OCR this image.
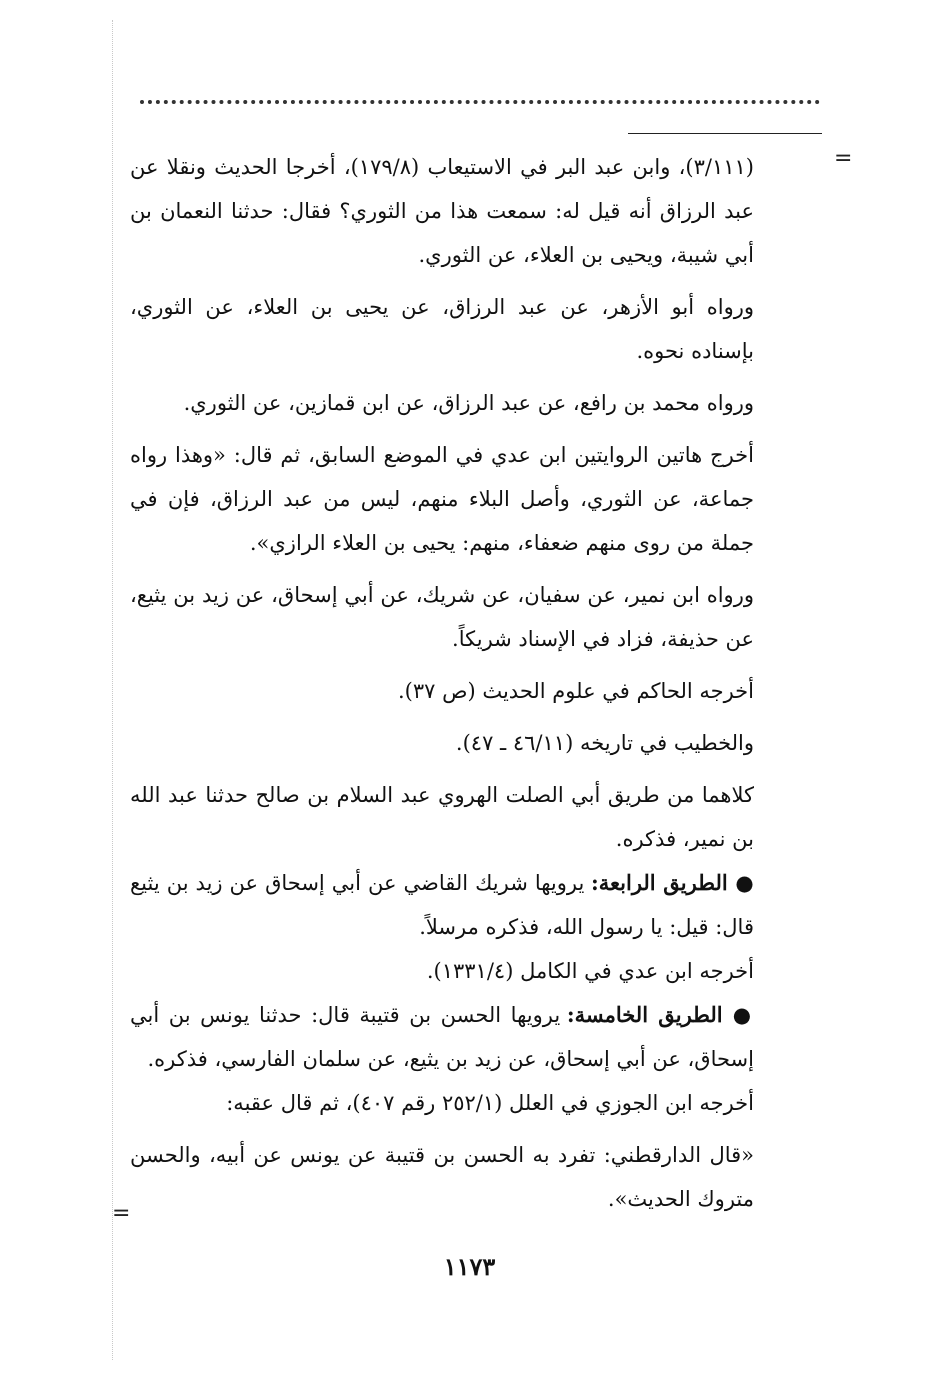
=
=

(٣/١١١)، وابن عبد البر في الاستيعاب (١٧٩/٨)، أخرجا الحديث ونقلا عن عبد الرزاق أنه قيل له: سمعت هذا من الثوري؟ فقال: حدثنا النعمان بن أبي شيبة، ويحيى بن العلاء، عن الثوري.

ورواه أبو الأزهر، عن عبد الرزاق، عن يحيى بن العلاء، عن الثوري، بإسناده نحوه.

ورواه محمد بن رافع، عن عبد الرزاق، عن ابن قمازين، عن الثوري.

أخرج هاتين الروايتين ابن عدي في الموضع السابق، ثم قال: «وهذا رواه جماعة، عن الثوري، وأصل البلاء منهم، ليس من عبد الرزاق، فإن في جملة من روى منهم ضعفاء، منهم: يحيى بن العلاء الرازي».

ورواه ابن نمير، عن سفيان، عن شريك، عن أبي إسحاق، عن زيد بن يثيع، عن حذيفة، فزاد في الإسناد شريكاً.

أخرجه الحاكم في علوم الحديث (ص ٣٧).

والخطيب في تاريخه (٤٦/١١ ـ ٤٧).

كلاهما من طريق أبي الصلت الهروي عبد السلام بن صالح حدثنا عبد الله بن نمير، فذكره.

● الطريق الرابعة: يرويها شريك القاضي عن أبي إسحاق عن زيد بن يثيع قال: قيل: يا رسول الله، فذكره مرسلاً.

أخرجه ابن عدي في الكامل (١٣٣١/٤).

● الطريق الخامسة: يرويها الحسن بن قتيبة قال: حدثنا يونس بن أبي إسحاق، عن أبي إسحاق، عن زيد بن يثيع، عن سلمان الفارسي، فذكره.

أخرجه ابن الجوزي في العلل (٢٥٢/١ رقم ٤٠٧)، ثم قال عقبه:

«قال الدارقطني: تفرد به الحسن بن قتيبة عن يونس عن أبيه، والحسن متروك الحديث».

١١٧٣
